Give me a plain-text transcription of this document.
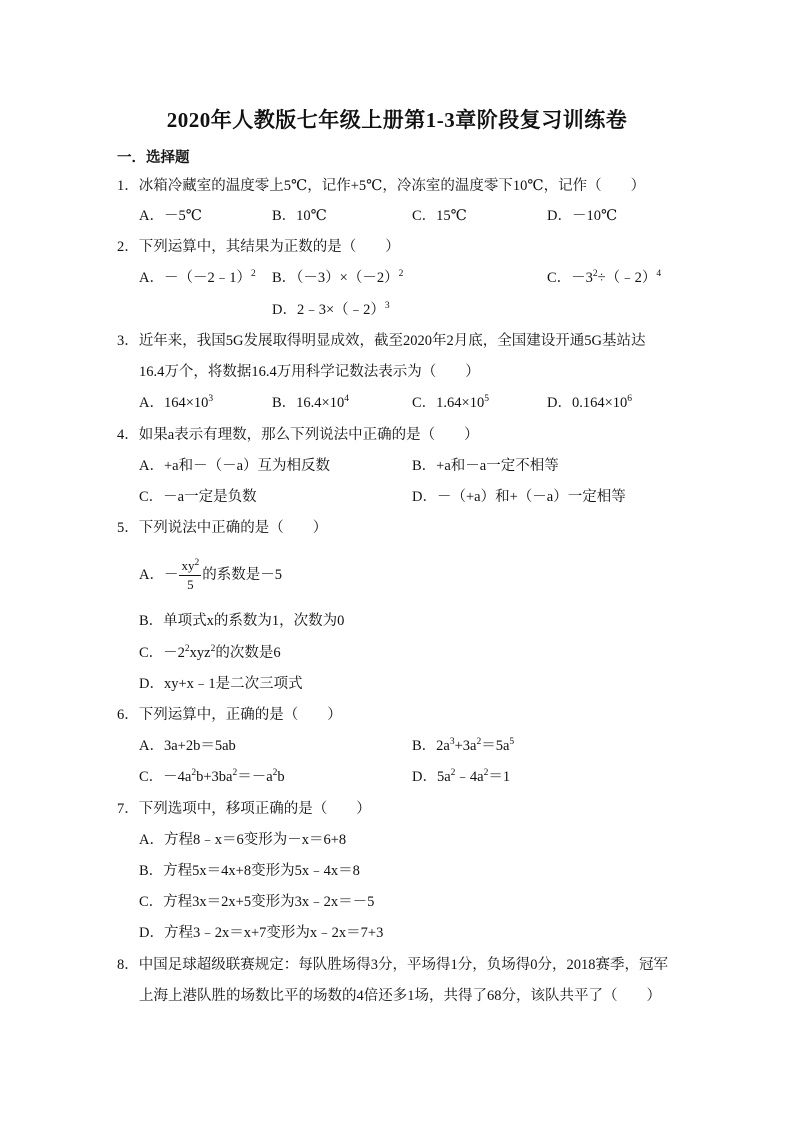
2020年人教版七年级上册第1-3章阶段复习训练卷
一．选择题
1．冰箱冷藏室的温度零上5℃，记作+5℃，冷冻室的温度零下10℃，记作（　　）
A．－5℃	B．10℃	C．15℃	D．－10℃
2．下列运算中，其结果为正数的是（　　）
A．－（－2﹣1）$^2$ B．$(-3)\times(-2)^2$	C．$-3^2\div(﹣2)^4$
D．2﹣3×（﹣2）$^3$
3．近年来，我国5G发展取得明显成效，截至2020年2月底，全国建设开通5G基站达
16.4万个，将数据16.4万用科学记数法表示为（　　）
A．$164\times 10^3$	B．$16.4\times 10^4$	C．$1.64\times 10^5$	D．$0.164\times 10^6$
4．如果a表示有理数，那么下列说法中正确的是（　　）
A．+a和－（－a）互为相反数	B．+a和－a一定不相等
C．－a一定是负数	D．－（+a）和+（－a）一定相等
5．下列说法中正确的是（　　）
A．－ $\frac{xy^2}{5}$ 的系数是－5
B．单项式x的系数为1，次数为0
C．$-2^2xyz^2$的次数是6
D．xy+x﹣1是二次三项式
6．下列运算中，正确的是（　　）
A．3a+2b＝5ab	B．$2a^3+3a^2=5a^5$
C．$-4a^2b+3ba^2=-a^2b$	D．$5a^2﹣4a^2=1$
7．下列选项中，移项正确的是（　　）
A．方程8﹣x＝6变形为－x＝6+8
B．方程5x＝4x+8变形为5x﹣4x＝8
C．方程3x＝2x+5变形为3x﹣2x＝－5
D．方程3﹣2x＝x+7变形为x﹣2x＝7+3
8．中国足球超级联赛规定：每队胜场得3分，平场得1分，负场得0分，2018赛季，冠军
上海上港队胜的场数比平的场数的4倍还多1场，共得了68分，该队共平了（　　）
